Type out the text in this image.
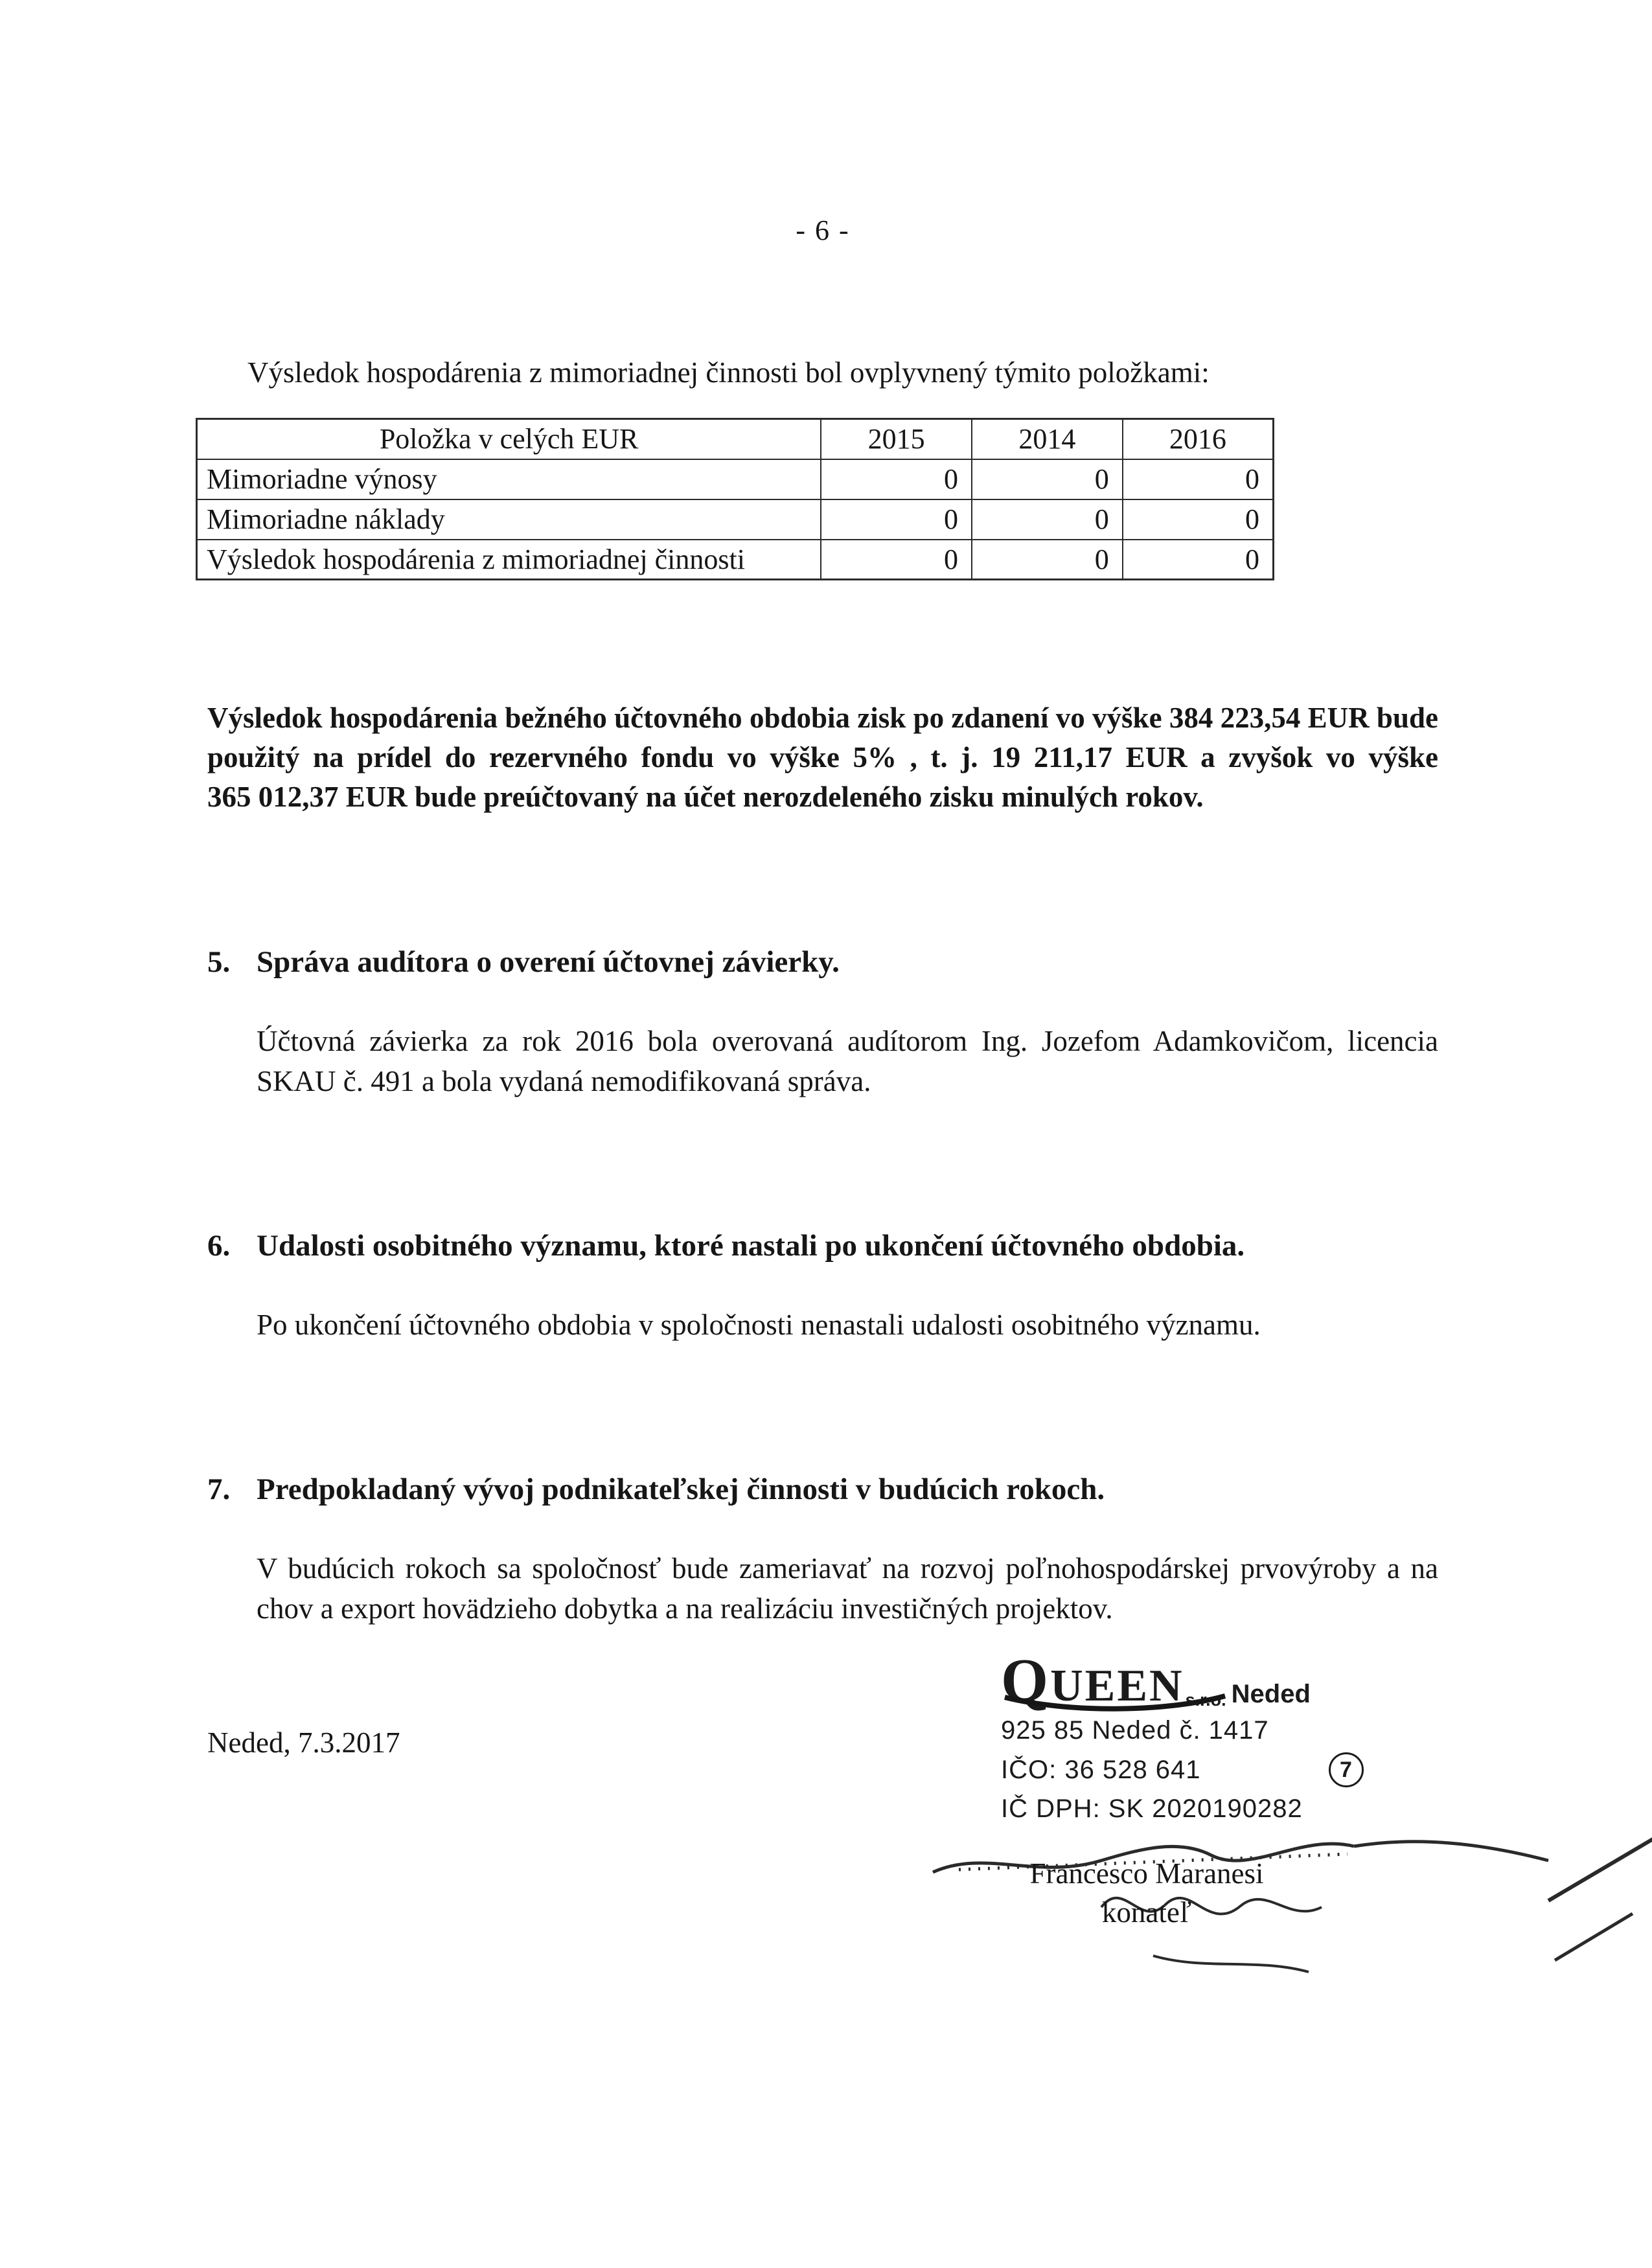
- 6 -
Výsledok hospodárenia z mimoriadnej činnosti bol ovplyvnený týmito položkami:
Položka v celých EUR	2015	2014	2016
Mimoriadne výnosy	0	0	0
Mimoriadne náklady	0	0	0
Výsledok hospodárenia z mimoriadnej činnosti	0	0	0
Výsledok hospodárenia bežného účtovného obdobia zisk po zdanení vo výške 384 223,54 EUR bude použitý na prídel do rezervného fondu vo výške 5% , t. j. 19 211,17 EUR a zvyšok vo výške 365 012,37 EUR bude preúčtovaný na účet nerozdeleného zisku minulých rokov.
5. Správa audítora o overení účtovnej závierky.
Účtovná závierka za rok 2016 bola overovaná audítorom Ing. Jozefom Adamkovičom, licencia SKAU č. 491 a bola vydaná nemodifikovaná správa.
6. Udalosti osobitného významu, ktoré nastali po ukončení účtovného obdobia.
Po ukončení účtovného obdobia v spoločnosti nenastali udalosti osobitného významu.
7. Predpokladaný vývoj podnikateľskej činnosti v budúcich rokoch.
V budúcich rokoch sa spoločnosť bude zameriavať na rozvoj poľnohospodárskej prvovýroby a na chov a export hovädzieho dobytka a na realizáciu investičných projektov.
Neded, 7.3.2017
QUEEN s.r.o. Neded
925 85 Neded č. 1417
IČO: 36 528 641	7
IČ DPH: SK 2020190282
Francesco Maranesi
konateľ
